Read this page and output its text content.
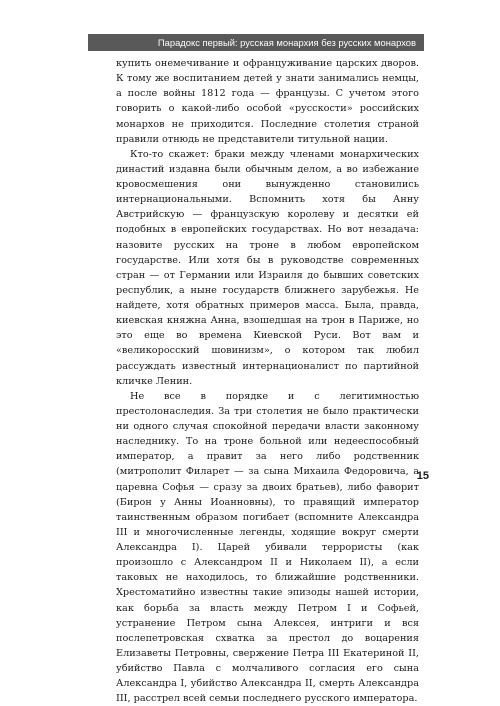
Парадокс первый: русская монархия без русских монархов

купить онемечивание и офранцуживание царских дворов. К тому же воспитанием детей у знати занимались немцы, а после войны 1812 года — французы. С учетом этого говорить о какой-либо особой «русскости» российских монархов не приходится. Последние столетия страной правили отнюдь не представители титульной нации.

Кто-то скажет: браки между членами монархических династий издавна были обычным делом, а во избежание кровосмешения они вынужденно становились интернациональными. Вспомнить хотя бы Анну Австрийскую — французскую королеву и десятки ей подобных в европейских государствах. Но вот незадача: назовите русских на троне в любом европейском государстве. Или хотя бы в руководстве современных стран — от Германии или Израиля до бывших советских республик, а ныне государств ближнего зарубежья. Не найдете, хотя обратных примеров масса. Была, правда, киевская княжна Анна, взошедшая на трон в Париже, но это еще во времена Киевской Руси. Вот вам и «великоросский шовинизм», о котором так любил рассуждать известный интернационалист по партийной кличке Ленин.

Не все в порядке и с легитимностью престолонаследия. За три столетия не было практически ни одного случая спокойной передачи власти законному наследнику. То на троне больной или недееспособный император, а правит за него либо родственник (митрополит Филарет — за сына Михаила Федоровича, а царевна Софья — сразу за двоих братьев), либо фаворит (Бирон у Анны Иоанновны), то правящий император таинственным образом погибает (вспомните Александра III и многочисленные легенды, ходящие вокруг смерти Александра I). Царей убивали террористы (как произошло с Александром II и Николаем II), а если таковых не находилось, то ближайшие родственники. Хрестоматийно известны такие эпизоды нашей истории, как борьба за власть между Петром I и Софьей, устранение Петром сына Алексея, интриги и вся послепетровская схватка за престол до воцарения Елизаветы Петровны, свержение Петра III Екатериной II, убийство Павла с молчаливого согласия его сына Александра I, убийство Александра II, смерть Александра III, расстрел всей семьи последнего русского императора.

15
